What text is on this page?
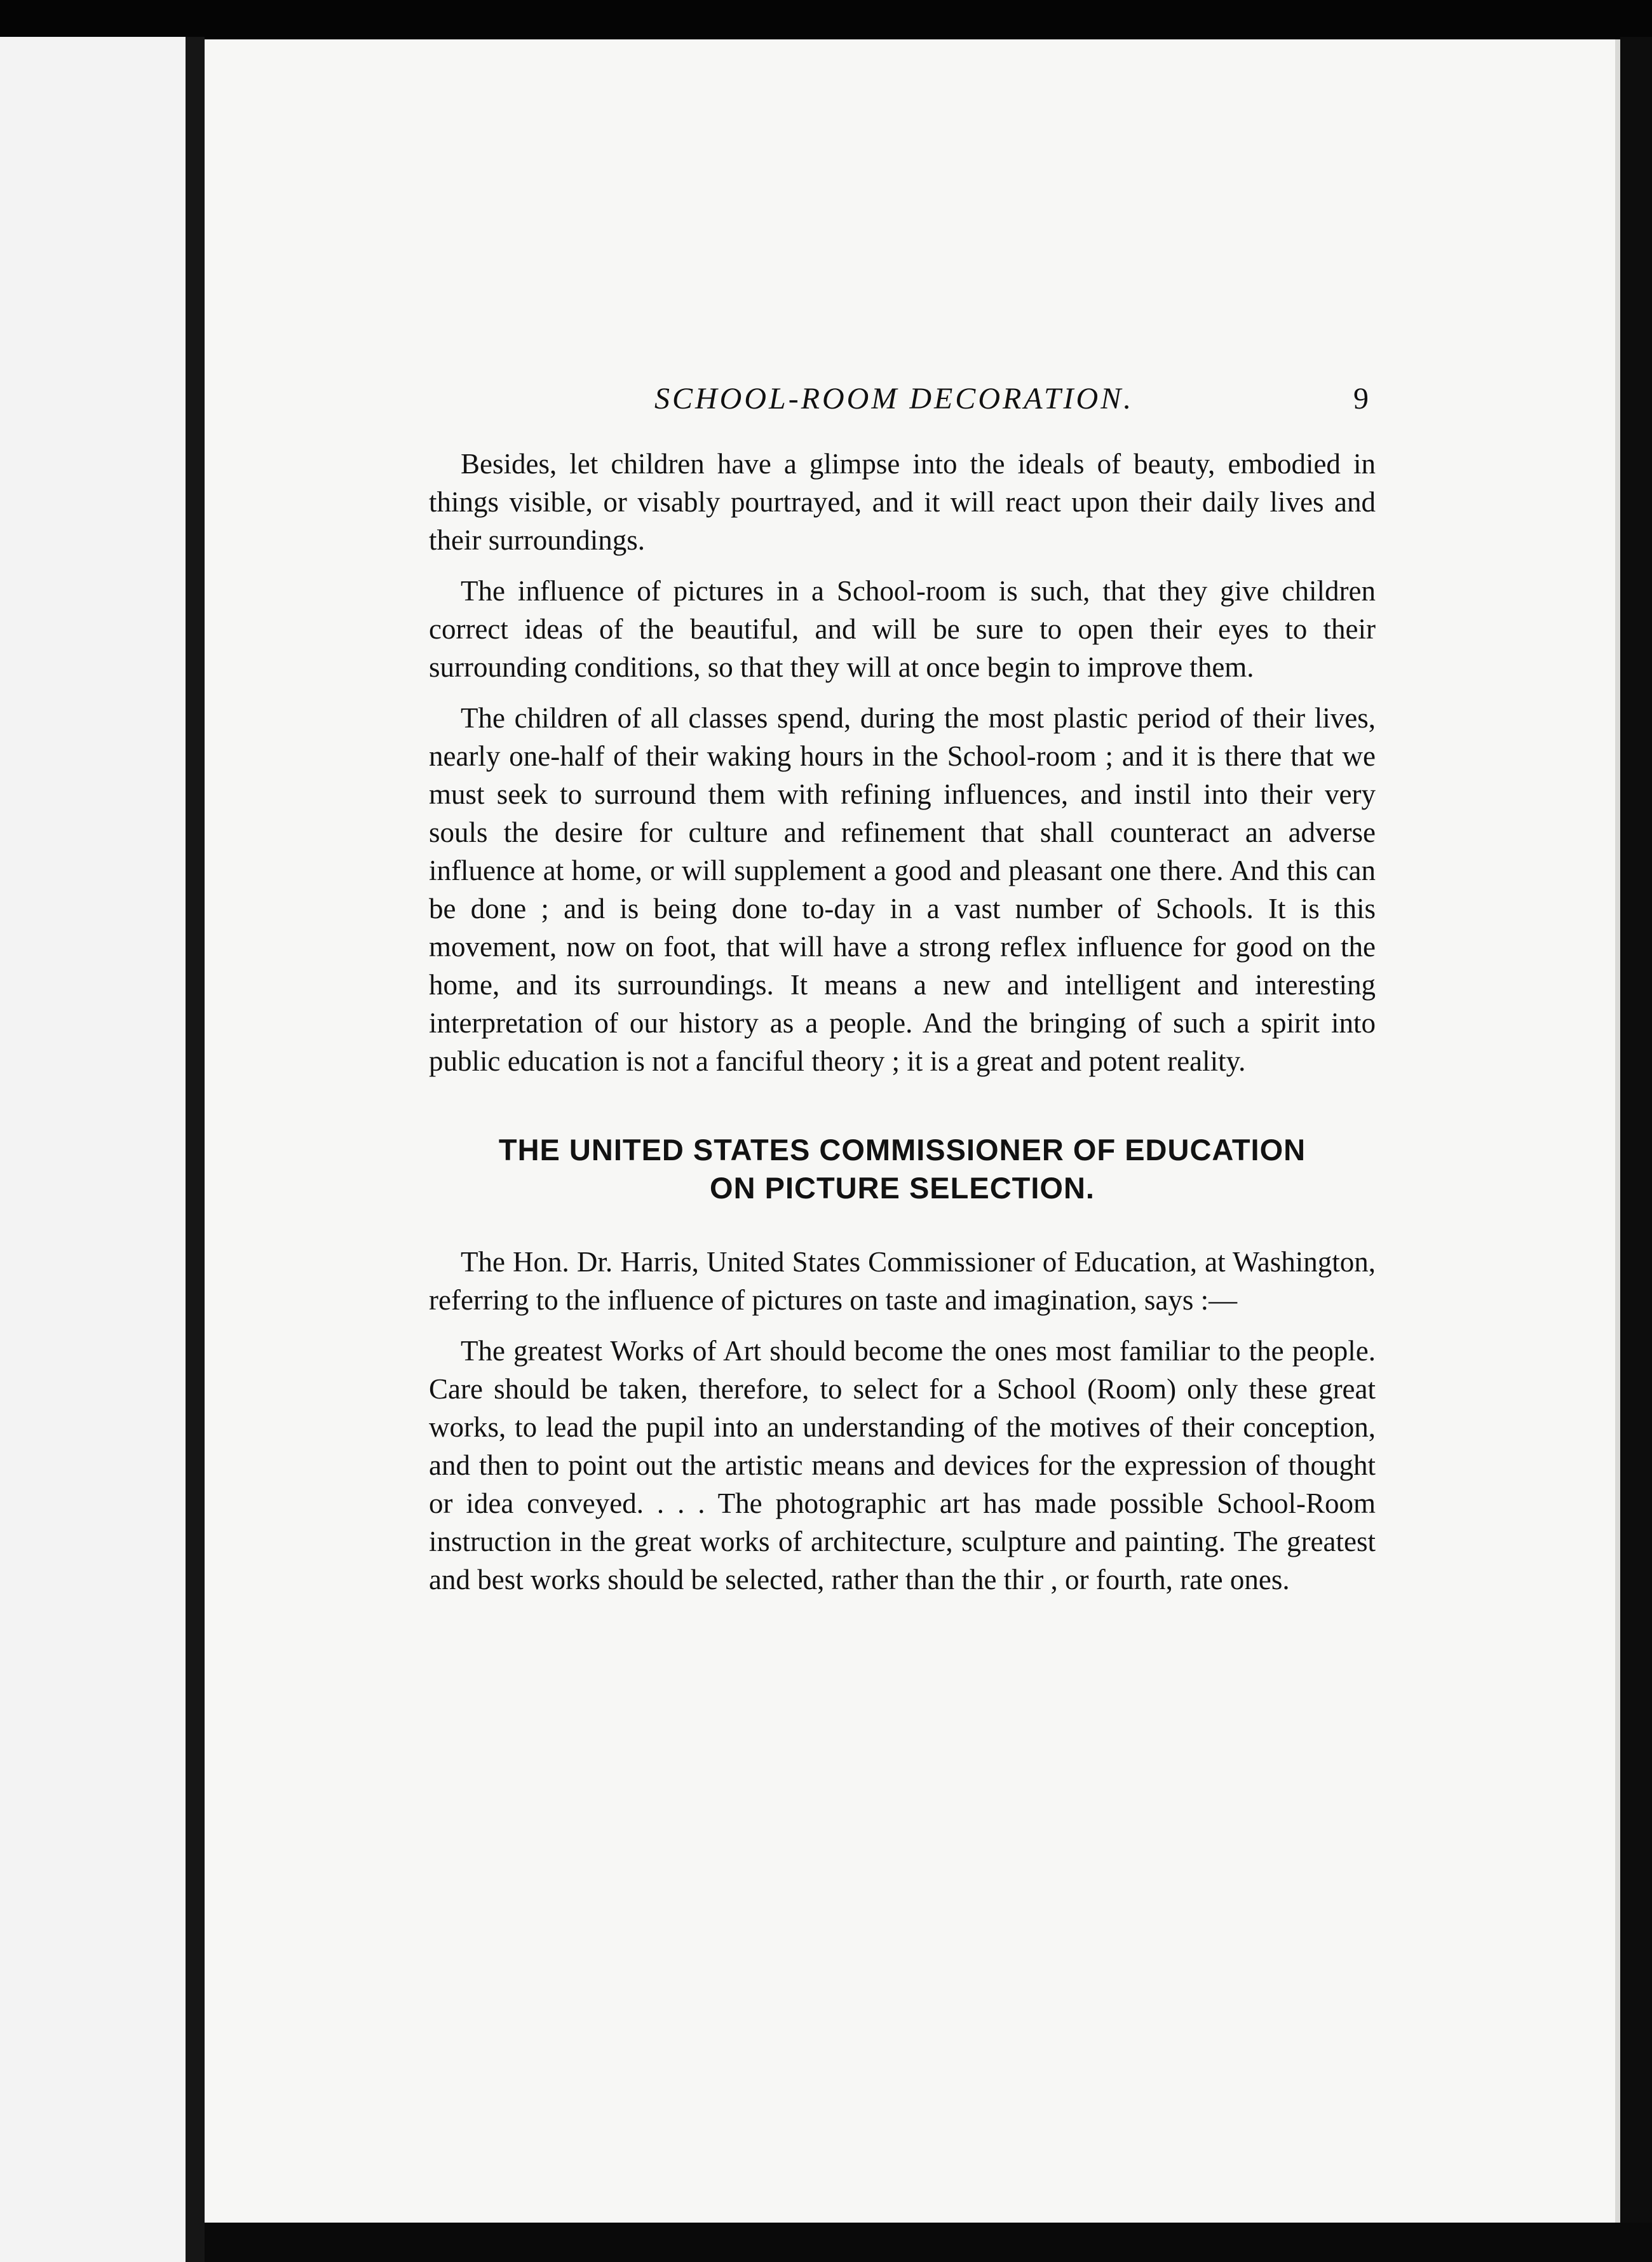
SCHOOL-ROOM DECORATION.	9

Besides, let children have a glimpse into the ideals of beauty, embodied in things visible, or visably pourtrayed, and it will react upon their daily lives and their surroundings.

The influence of pictures in a School-room is such, that they give children correct ideas of the beautiful, and will be sure to open their eyes to their surrounding conditions, so that they will at once begin to improve them.

The children of all classes spend, during the most plastic period of their lives, nearly one-half of their waking hours in the School-room ; and it is there that we must seek to surround them with refining influences, and instil into their very souls the desire for culture and refinement that shall counteract an adverse influence at home, or will supplement a good and pleasant one there. And this can be done ; and is being done to-day in a vast number of Schools. It is this movement, now on foot, that will have a strong reflex influence for good on the home, and its surroundings. It means a new and intelligent and interesting interpretation of our history as a people. And the bringing of such a spirit into public education is not a fanciful theory ; it is a great and potent reality.

THE UNITED STATES COMMISSIONER OF EDUCATION
ON PICTURE SELECTION.

The Hon. Dr. Harris, United States Commissioner of Education, at Washington, referring to the influence of pictures on taste and imagination, says :—

The greatest Works of Art should become the ones most familiar to the people. Care should be taken, therefore, to select for a School (Room) only these great works, to lead the pupil into an understanding of the motives of their conception, and then to point out the artistic means and devices for the expression of thought or idea conveyed. . . . The photographic art has made possible School-Room instruction in the great works of architecture, sculpture and painting. The greatest and best works should be selected, rather than the thir , or fourth, rate ones.
